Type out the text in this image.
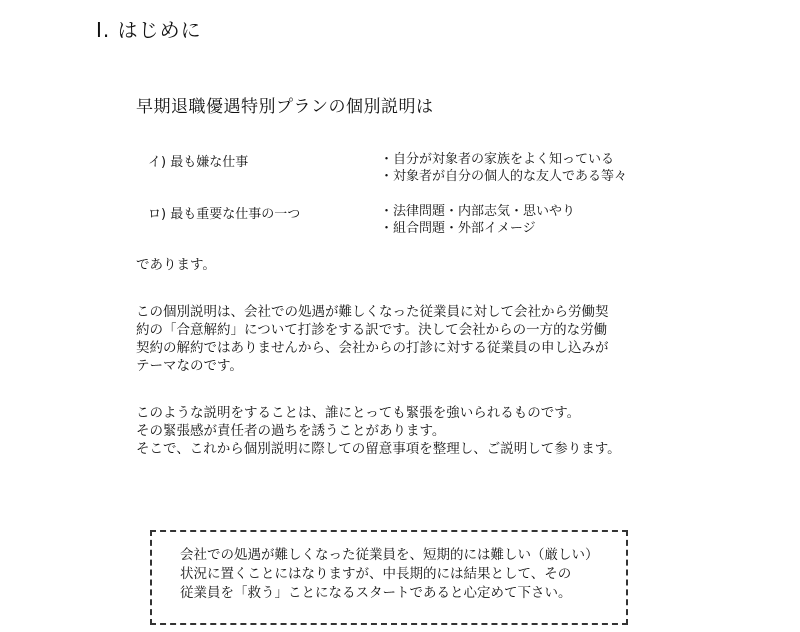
Ⅰ. はじめに
早期退職優遇特別プランの個別説明は
イ) 最も嫌な仕事	・自分が対象者の家族をよく知っている
・対象者が自分の個人的な友人である等々
ロ) 最も重要な仕事の一つ	・法律問題・内部志気・思いやり
・組合問題・外部イメージ
であります。
この個別説明は、会社での処遇が難しくなった従業員に対して会社から労働契
約の「合意解約」について打診をする訳です。決して会社からの一方的な労働
契約の解約ではありませんから、会社からの打診に対する従業員の申し込みが
テーマなのです。
このような説明をすることは、誰にとっても緊張を強いられるものです。
その緊張感が責任者の過ちを誘うことがあります。
そこで、これから個別説明に際しての留意事項を整理し、ご説明して参ります。
会社での処遇が難しくなった従業員を、短期的には難しい（厳しい）
状況に置くことにはなりますが、中長期的には結果として、その
従業員を「救う」ことになるスタートであると心定めて下さい。
